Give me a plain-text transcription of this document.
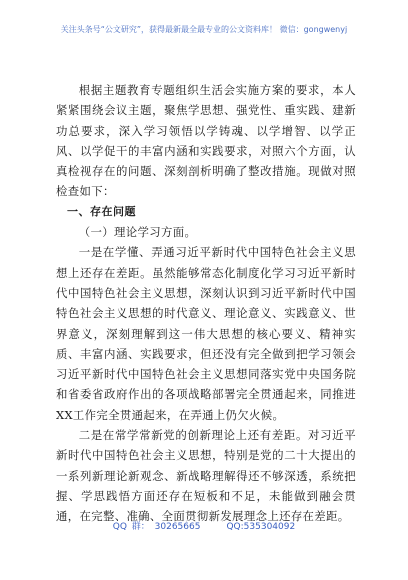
关注头条号“公文研究”，获得最新最全最专业的公文资料库！ 微信：gongwenyj

根据主题教育专题组织生活会实施方案的要求，本人紧紧围绕会议主题，聚焦学思想、强党性、重实践、建新功总要求，深入学习领悟以学铸魂、以学增智、以学正风、以学促干的丰富内涵和实践要求，对照六个方面，认真检视存在的问题、深刻剖析明确了整改措施。现做对照检查如下：

一、存在问题

（一）理论学习方面。

一是在学懂、弄通习近平新时代中国特色社会主义思想上还存在差距。虽然能够常态化制度化学习习近平新时代中国特色社会主义思想，深刻认识到习近平新时代中国特色社会主义思想的时代意义、理论意义、实践意义、世界意义，深刻理解到这一伟大思想的核心要义、精神实质、丰富内涵、实践要求，但还没有完全做到把学习领会习近平新时代中国特色社会主义思想同落实党中央国务院和省委省政府作出的各项战略部署完全贯通起来，同推进XX工作完全贯通起来，在弄通上仍欠火候。

二是在常学常新党的创新理论上还有差距。对习近平新时代中国特色社会主义思想，特别是党的二十大提出的一系列新理论新观念、新战略理解得还不够深透，系统把握、学思践悟方面还存在短板和不足，未能做到融会贯通，在完整、准确、全面贯彻新发展理念上还存在差距。

QQ 群： 30265665	QQ:535304092
